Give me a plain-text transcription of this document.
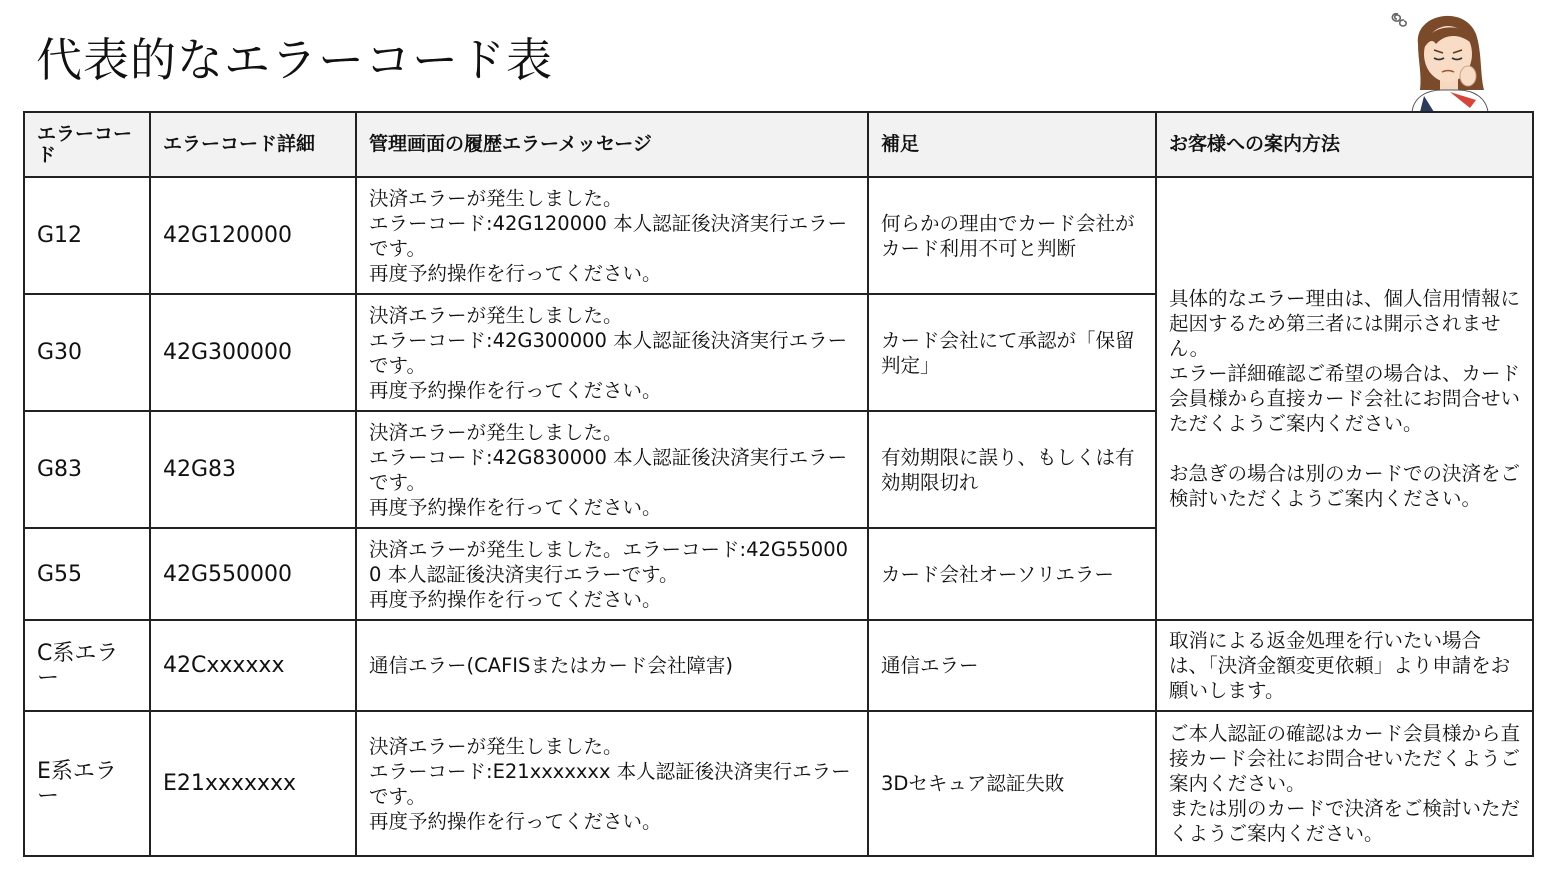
代表的なエラーコード表
エラーコード	エラーコード詳細	管理画面の履歴エラーメッセージ	補足	お客様への案内方法
G12	42G120000	決済エラーが発生しました。
エラーコード:42G120000 本人認証後決済実行エラーです。
再度予約操作を行ってください。	何らかの理由でカード会社がカード利用不可と判断	具体的なエラー理由は、個人信用情報に起因するため第三者には開示されません。
エラー詳細確認ご希望の場合は、カード会員様から直接カード会社にお問合せいただくようご案内ください。

お急ぎの場合は別のカードでの決済をご検討いただくようご案内ください。
G30	42G300000	決済エラーが発生しました。
エラーコード:42G300000 本人認証後決済実行エラーです。
再度予約操作を行ってください。	カード会社にて承認が「保留判定」	
G83	42G83	決済エラーが発生しました。
エラーコード:42G830000 本人認証後決済実行エラーです。
再度予約操作を行ってください。	有効期限に誤り、もしくは有効期限切れ	
G55	42G550000	決済エラーが発生しました。エラーコード:42G550000 本人認証後決済実行エラーです。
再度予約操作を行ってください。	カード会社オーソリエラー	
C系エラー	42Cxxxxxx	通信エラー(CAFISまたはカード会社障害)	通信エラー	取消による返金処理を行いたい場合は、「決済金額変更依頼」より申請をお願いします。
E系エラー	E21xxxxxxx	決済エラーが発生しました。
エラーコード:E21xxxxxxx 本人認証後決済実行エラーです。
再度予約操作を行ってください。	3Dセキュア認証失敗	ご本人認証の確認はカード会員様から直接カード会社にお問合せいただくようご案内ください。
または別のカードで決済をご検討いただくようご案内ください。
